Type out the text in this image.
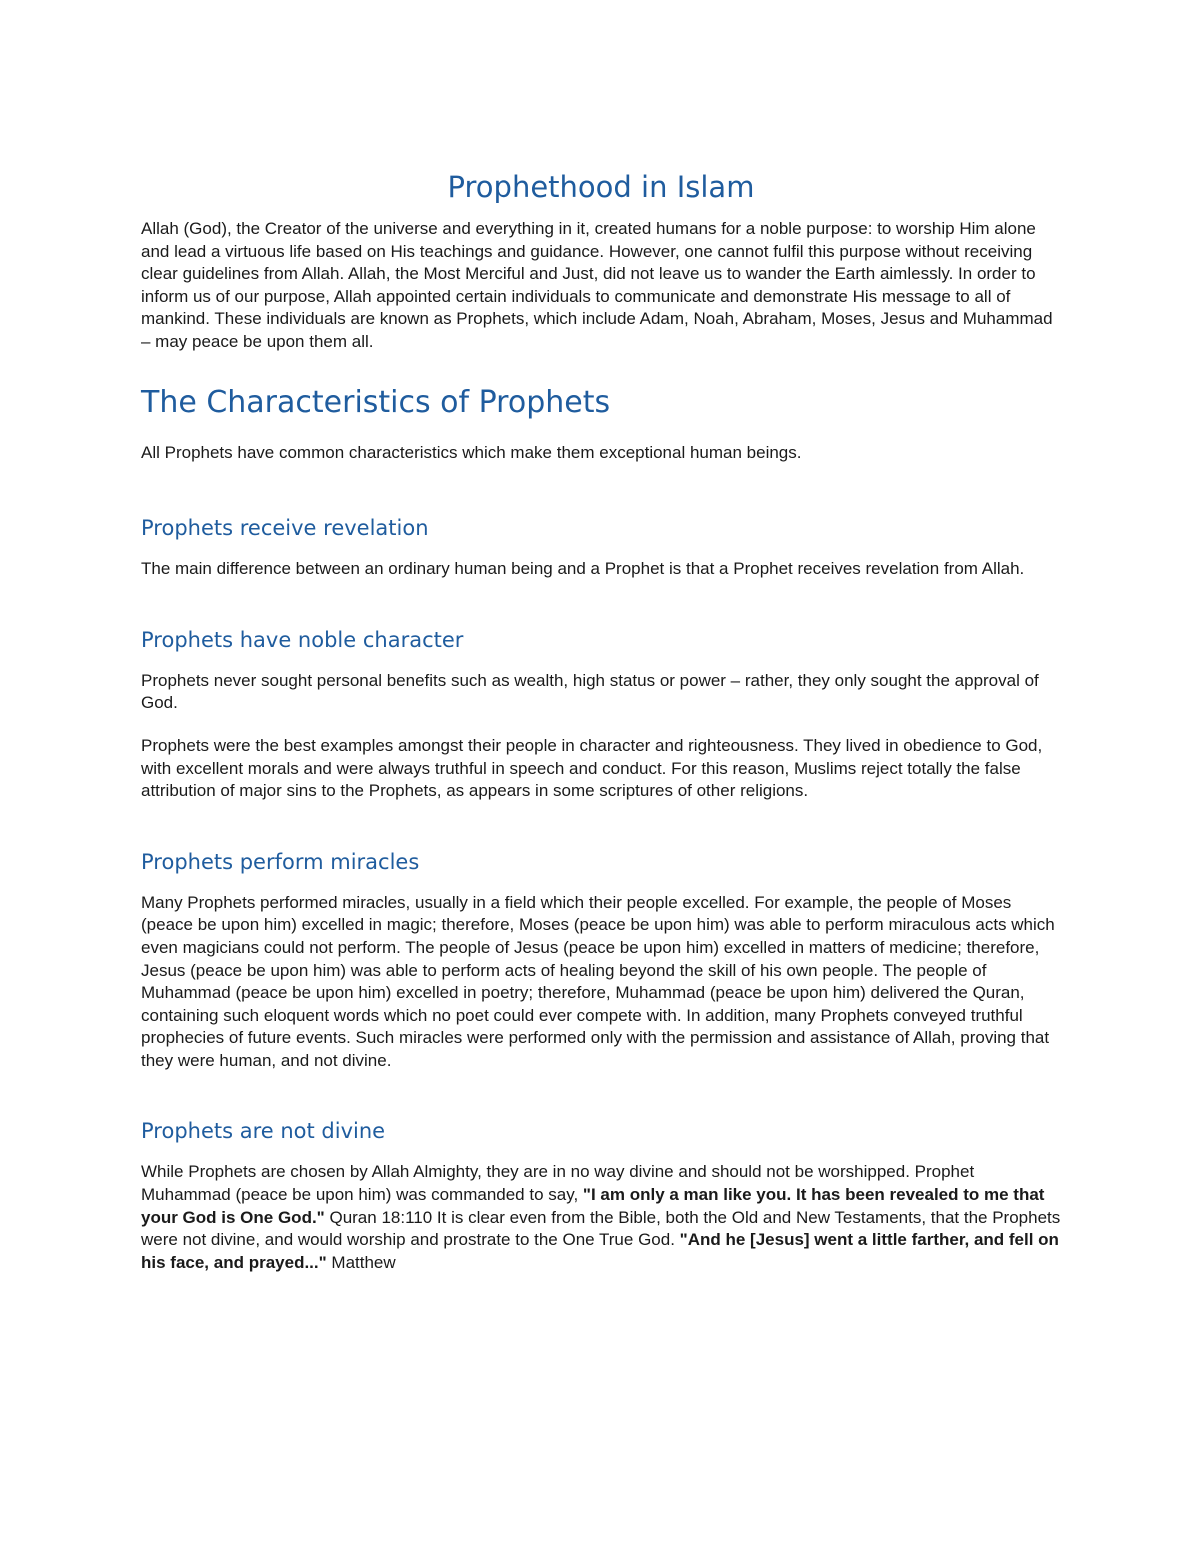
Prophethood in Islam

Allah (God), the Creator of the universe and everything in it, created humans for a noble purpose: to worship Him alone and lead a virtuous life based on His teachings and guidance. However, one cannot fulfil this purpose without receiving clear guidelines from Allah. Allah, the Most Merciful and Just, did not leave us to wander the Earth aimlessly. In order to inform us of our purpose, Allah appointed certain individuals to communicate and demonstrate His message to all of mankind. These individuals are known as Prophets, which include Adam, Noah, Abraham, Moses, Jesus and Muhammad – may peace be upon them all.

The Characteristics of Prophets

All Prophets have common characteristics which make them exceptional human beings.

Prophets receive revelation

The main difference between an ordinary human being and a Prophet is that a Prophet receives revelation from Allah.

Prophets have noble character

Prophets never sought personal benefits such as wealth, high status or power – rather, they only sought the approval of God.

Prophets were the best examples amongst their people in character and righteousness. They lived in obedience to God, with excellent morals and were always truthful in speech and conduct. For this reason, Muslims reject totally the false attribution of major sins to the Prophets, as appears in some scriptures of other religions.

Prophets perform miracles

Many Prophets performed miracles, usually in a field which their people excelled. For example, the people of Moses (peace be upon him) excelled in magic; therefore, Moses (peace be upon him) was able to perform miraculous acts which even magicians could not perform. The people of Jesus (peace be upon him) excelled in matters of medicine; therefore, Jesus (peace be upon him) was able to perform acts of healing beyond the skill of his own people. The people of Muhammad (peace be upon him) excelled in poetry; therefore, Muhammad (peace be upon him) delivered the Quran, containing such eloquent words which no poet could ever compete with. In addition, many Prophets conveyed truthful prophecies of future events. Such miracles were performed only with the permission and assistance of Allah, proving that they were human, and not divine.

Prophets are not divine

While Prophets are chosen by Allah Almighty, they are in no way divine and should not be worshipped. Prophet Muhammad (peace be upon him) was commanded to say, "I am only a man like you. It has been revealed to me that your God is One God." Quran 18:110 It is clear even from the Bible, both the Old and New Testaments, that the Prophets were not divine, and would worship and prostrate to the One True God. "And he [Jesus] went a little farther, and fell on his face, and prayed..." Matthew
